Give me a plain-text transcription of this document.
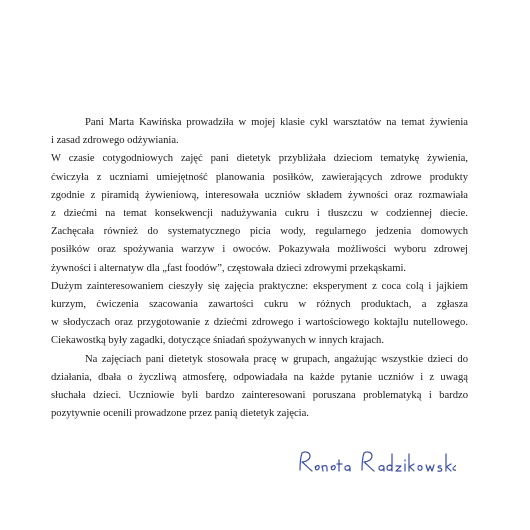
Pani Marta Kawińska prowadziła w mojej klasie cykl warsztatów na temat żywienia
i zasad zdrowego odżywiania.

W czasie cotygodniowych zajęć pani dietetyk przybliżała dzieciom tematykę żywienia,
ćwiczyła z uczniami umiejętność planowania posiłków, zawierających zdrowe produkty
zgodnie z piramidą żywieniową, interesowała uczniów składem żywności oraz rozmawiała
z dziećmi na temat konsekwencji nadużywania cukru i tłuszczu w codziennej diecie.
Zachęcała również do systematycznego picia wody, regularnego jedzenia domowych
posiłków oraz spożywania warzyw i owoców. Pokazywała możliwości wyboru zdrowej
żywności i alternatyw dla „fast foodów”, częstowała dzieci zdrowymi przekąskami.

Dużym zainteresowaniem cieszyły się zajęcia praktyczne: eksperyment z coca colą i jajkiem
kurzym, ćwiczenia szacowania zawartości cukru w różnych produktach, a zgłasza
w słodyczach oraz przygotowanie z dziećmi zdrowego i wartościowego koktajlu nutellowego.
Ciekawostką były zagadki, dotyczące śniadań spożywanych w innych krajach.

Na zajęciach pani dietetyk stosowała pracę w grupach, angażując wszystkie dzieci do
działania, dbała o życzliwą atmosferę, odpowiadała na każde pytanie uczniów i z uwagą
słuchała dzieci. Uczniowie byli bardzo zainteresowani poruszana problematyką i bardzo
pozytywnie ocenili prowadzone przez panią dietetyk zajęcia.
